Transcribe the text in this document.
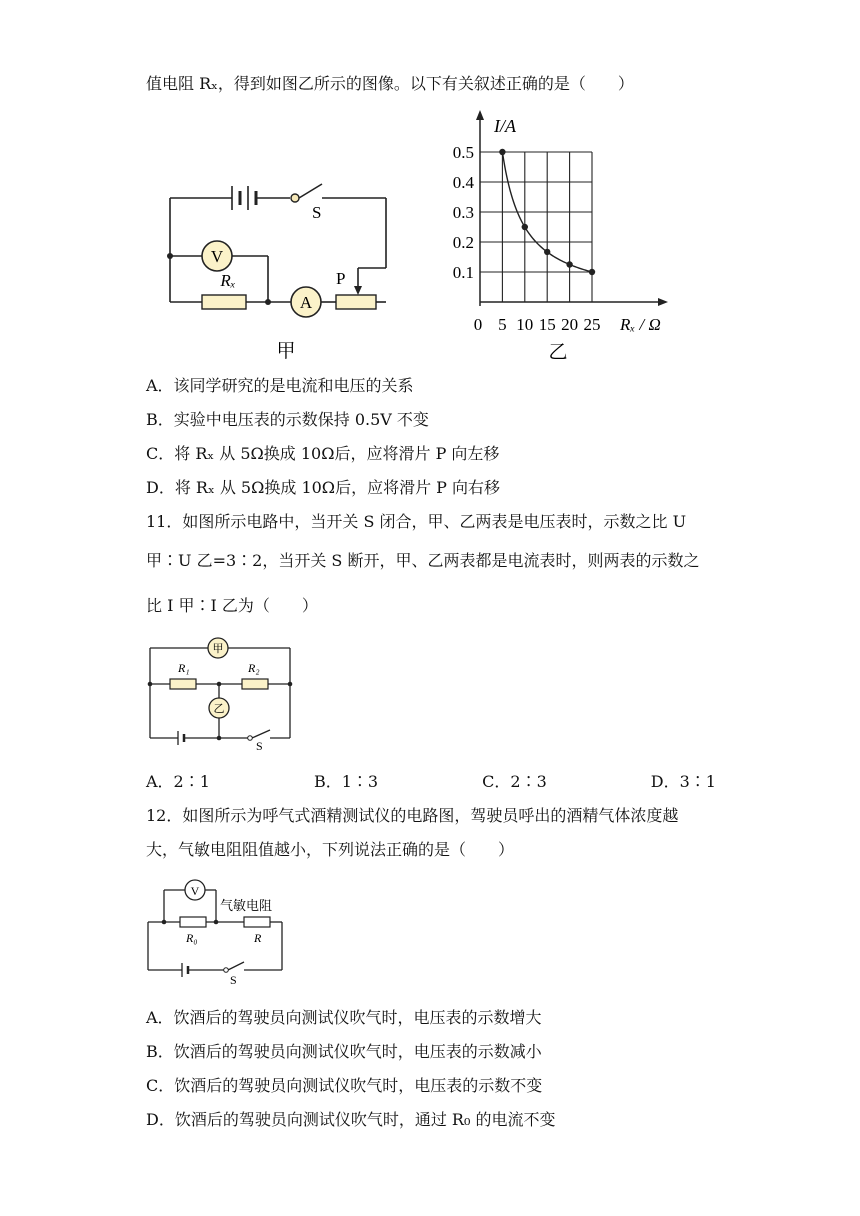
值电阻 Rₓ，得到如图乙所示的图像。以下有关叙述正确的是（　　）
V
Rₓ
A
S
P
甲
I/A
0.1
0.2
0.3
0.4
0.5
0 5 10 15 20 25 Rₓ / Ω
乙
A．该同学研究的是电流和电压的关系
B．实验中电压表的示数保持 0.5V 不变
C．将 Rₓ 从 5Ω换成 10Ω后，应将滑片 P 向左移
D．将 Rₓ 从 5Ω换成 10Ω后，应将滑片 P 向右移
11．如图所示电路中，当开关 S 闭合，甲、乙两表是电压表时，示数之比 U
甲∶U 乙=3∶2，当开关 S 断开，甲、乙两表都是电流表时，则两表的示数之
比 I 甲∶I 乙为（　　）
甲
R₁	R₂
乙
S
A．2∶1	B．1∶3	C．2∶3	D．3∶1
12．如图所示为呼气式酒精测试仪的电路图，驾驶员呼出的酒精气体浓度越
大，气敏电阻阻值越小，下列说法正确的是（　　）
V
气敏电阻
R₀	R
S
A．饮酒后的驾驶员向测试仪吹气时，电压表的示数增大
B．饮酒后的驾驶员向测试仪吹气时，电压表的示数减小
C．饮酒后的驾驶员向测试仪吹气时，电压表的示数不变
D．饮酒后的驾驶员向测试仪吹气时，通过 R₀ 的电流不变
